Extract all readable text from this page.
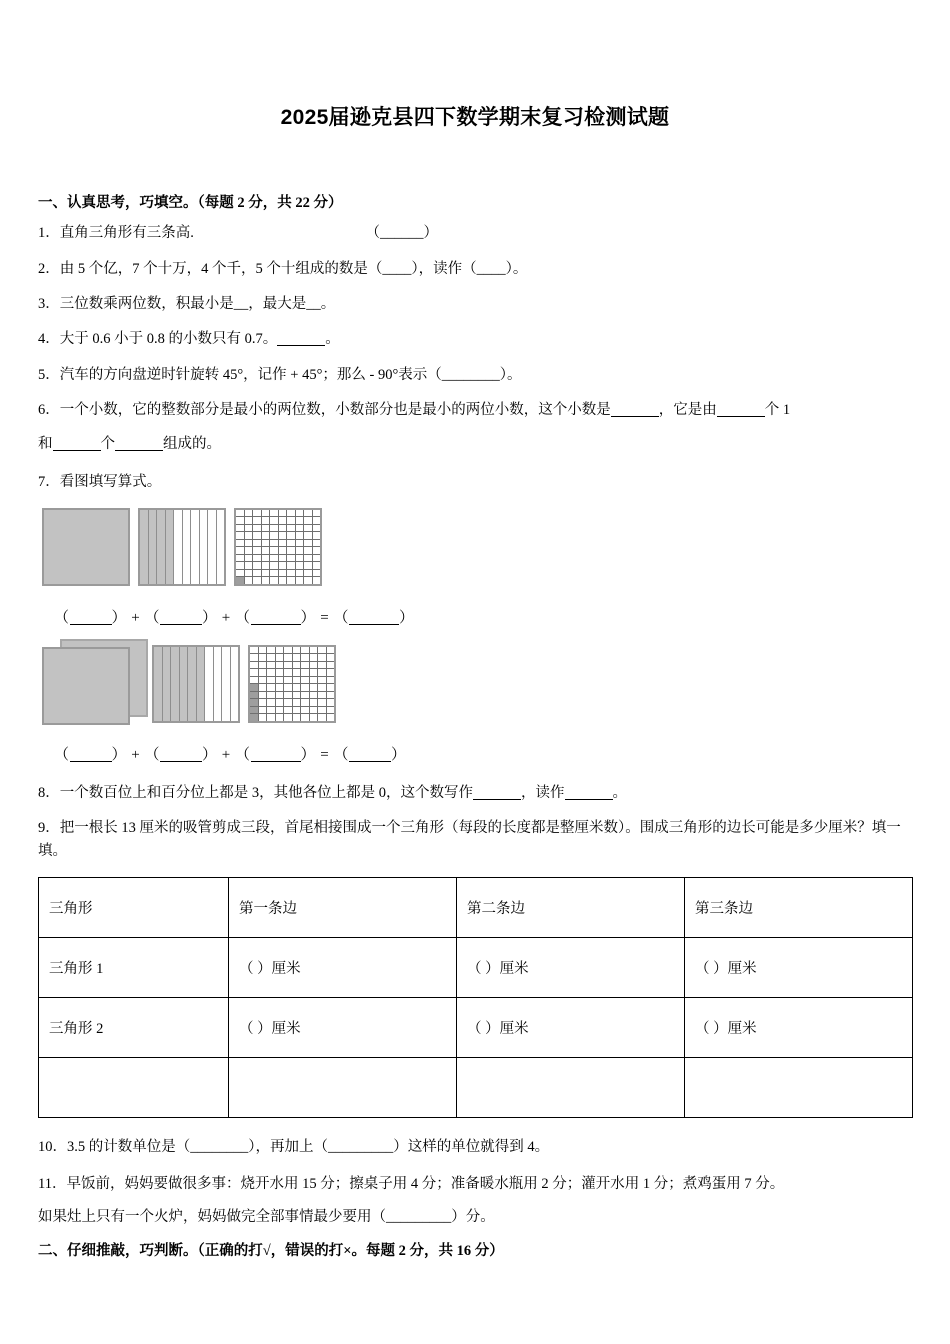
2025届逊克县四下数学期末复习检测试题
一、认真思考，巧填空。（每题 2 分，共 22 分）
1．直角三角形有三条高.	（______）
2．由 5 个亿，7 个十万，4 个千，5 个十组成的数是（____），读作（____）。
3．三位数乘两位数，积最小是__，最大是__。
4．大于 0.6 小于 0.8 的小数只有 0.7。	。
5．汽车的方向盘逆时针旋转 45°，记作 + 45°；那么 - 90°表示（________）。
6．一个小数，它的整数部分是最小的两位数，小数部分也是最小的两位小数，这个小数是	，它是由	个 1
和	个	组成的。
7．看图填写算式。
（	） + （	） + （	） = （	）
（	） + （	） + （	） = （	）
8．一个数百位上和百分位上都是 3，其他各位上都是 0，这个数写作	，读作	。
9．把一根长 13 厘米的吸管剪成三段，首尾相接围成一个三角形（每段的长度都是整厘米数）。围成三角形的边长可能是多少厘米？填一填。
三角形	第一条边	第二条边	第三条边
三角形 1	（ ）厘米	（ ）厘米	（ ）厘米
三角形 2	（ ）厘米	（ ）厘米	（ ）厘米

10．3.5 的计数单位是（________），再加上（_________）这样的单位就得到 4。
11．早饭前，妈妈要做很多事：烧开水用 15 分；擦桌子用 4 分；准备暖水瓶用 2 分；灌开水用 1 分；煮鸡蛋用 7 分。
如果灶上只有一个火炉，妈妈做完全部事情最少要用（_________）分。
二、仔细推敲，巧判断。（正确的打√，错误的打×。每题 2 分，共 16 分）
